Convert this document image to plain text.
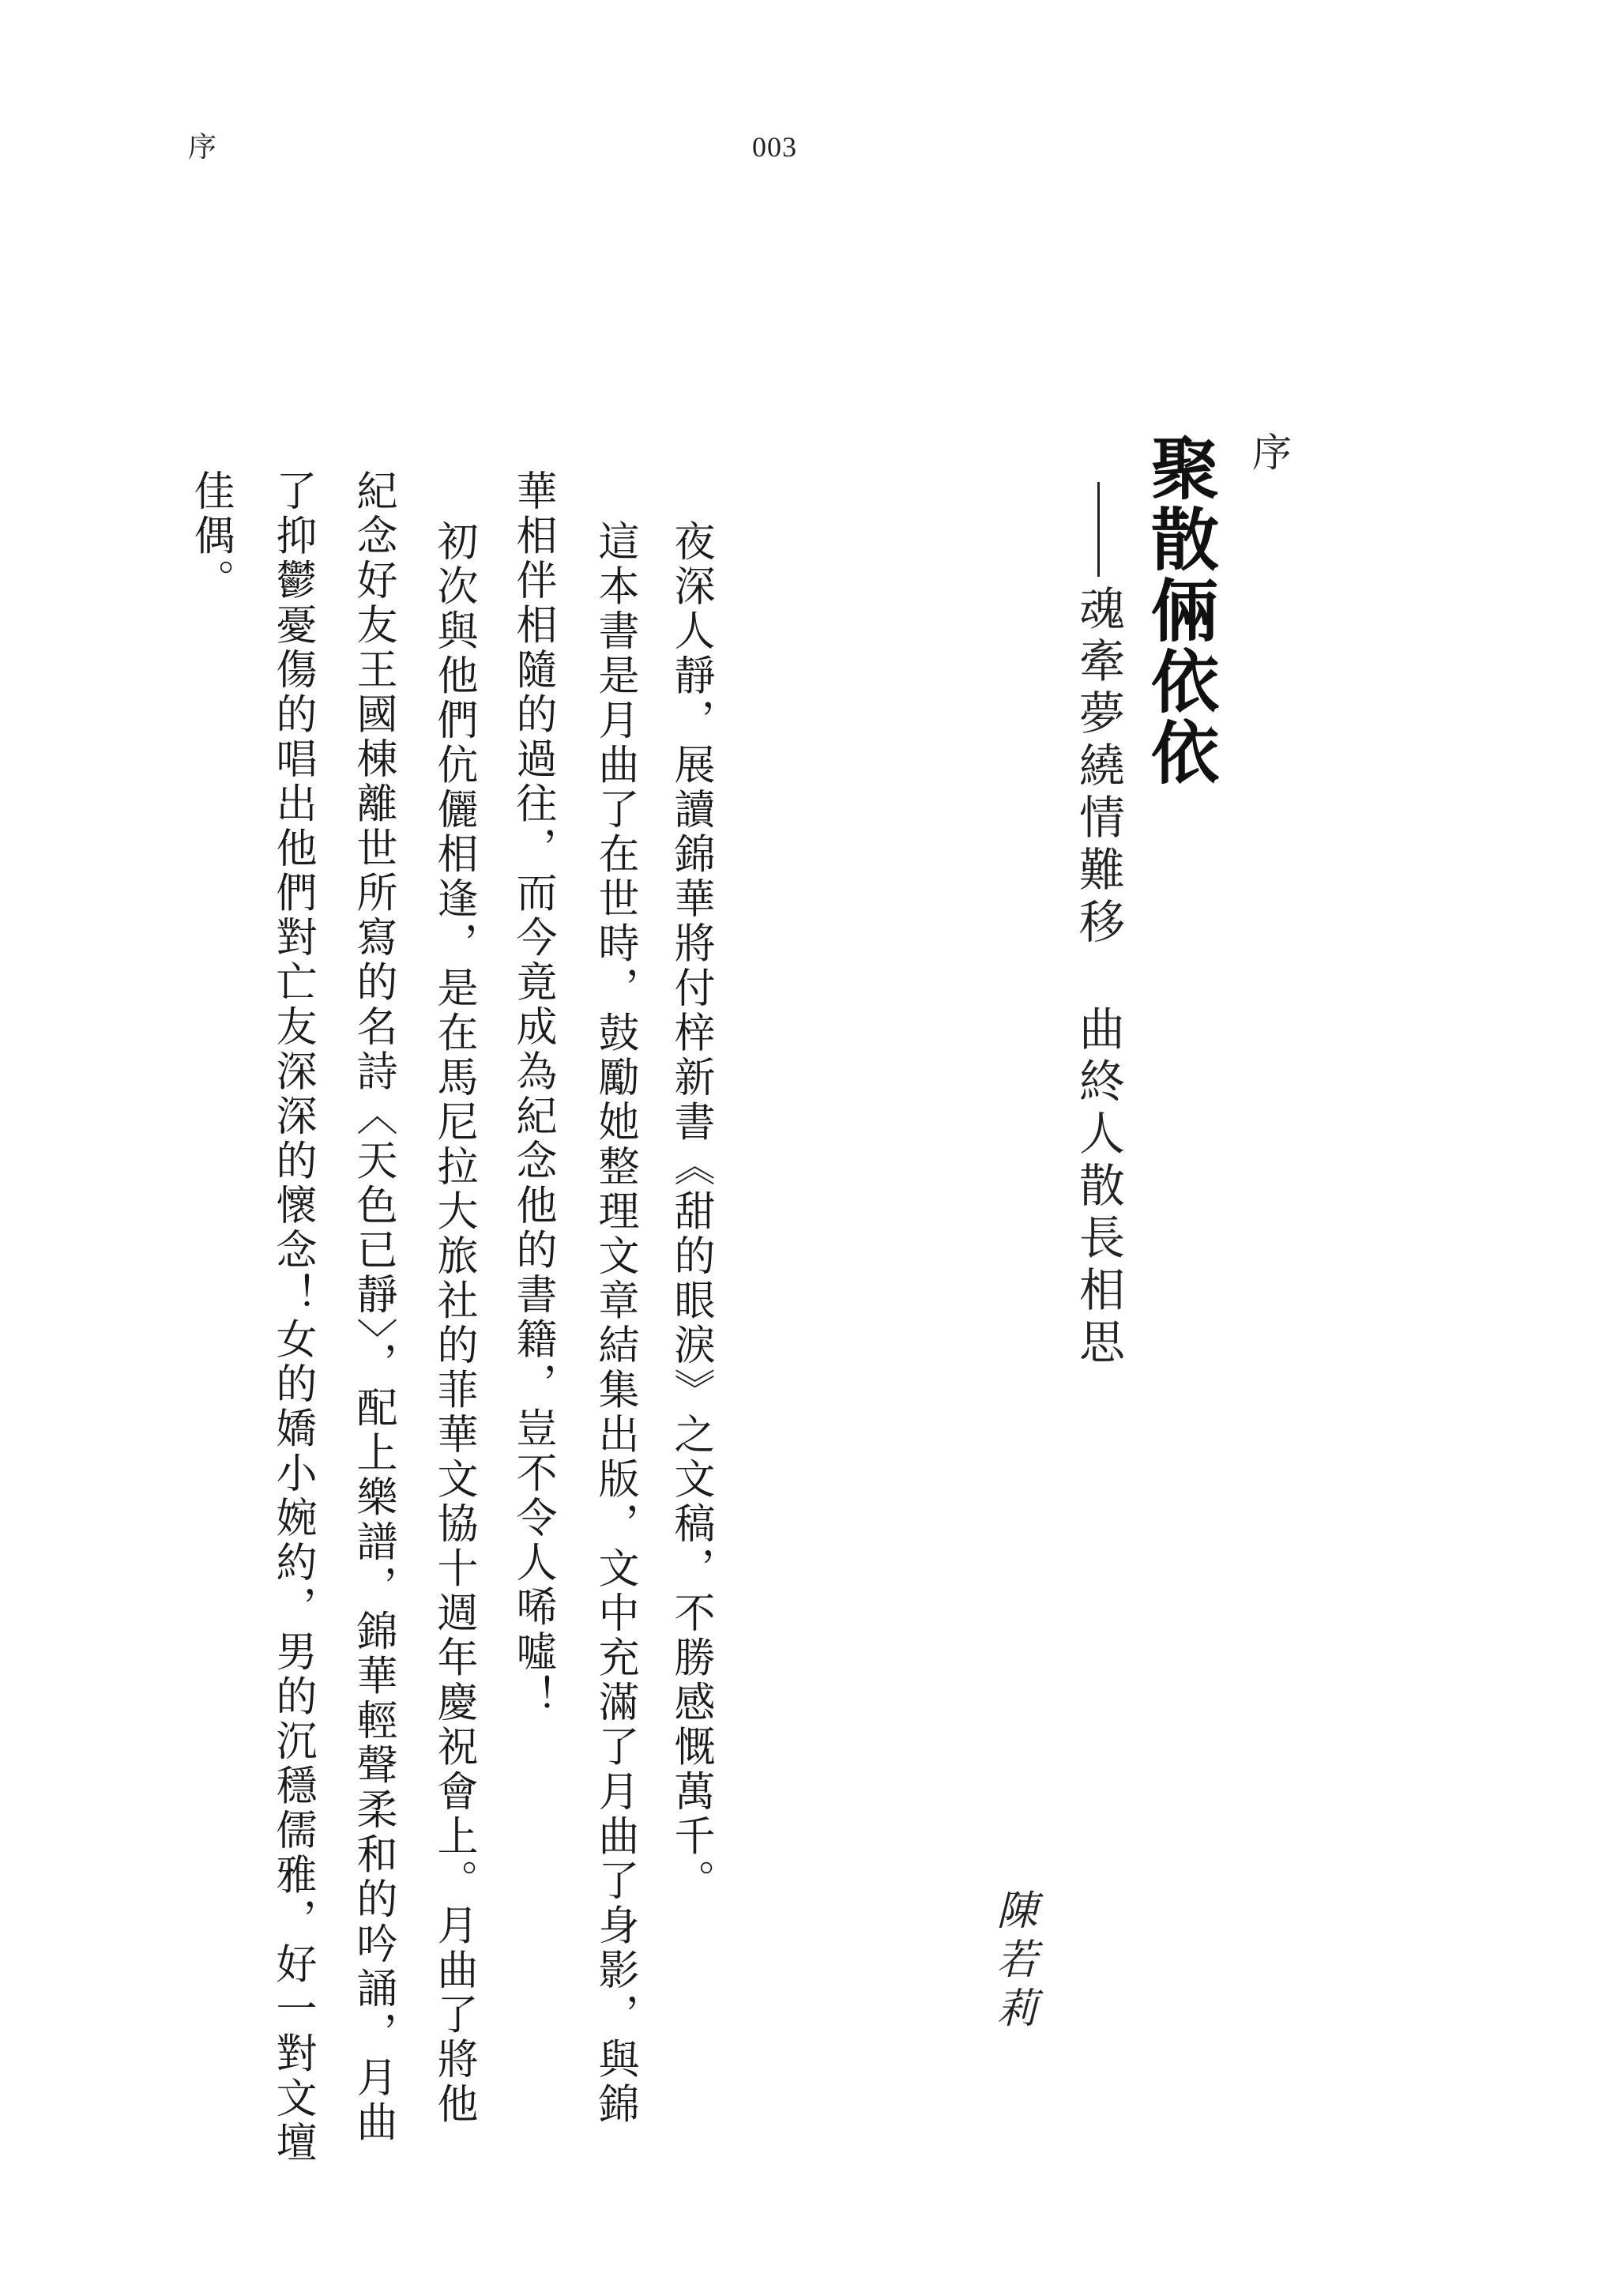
序	003
序
聚散倆依依
魂牽夢繞情難移曲終人散長相思
陳若莉
夜深人靜，展讀錦華將付梓新書《甜的眼淚》之文稿，不勝感慨萬千。
這本書是月曲了在世時，鼓勵她整理文章結集出版，文中充滿了月曲了身影，與錦
華相伴相隨的過往，而今竟成為紀念他的書籍，豈不令人唏噓！
初次與他們伉儷相逢，是在馬尼拉大旅社的菲華文協十週年慶祝會上。月曲了將他
紀念好友王國棟離世所寫的名詩〈天色已靜〉，配上樂譜，錦華輕聲柔和的吟誦，月曲
了抑鬱憂傷的唱出他們對亡友深深的懷念！女的嬌小婉約，男的沉穩儒雅，好一對文壇
佳偶。
